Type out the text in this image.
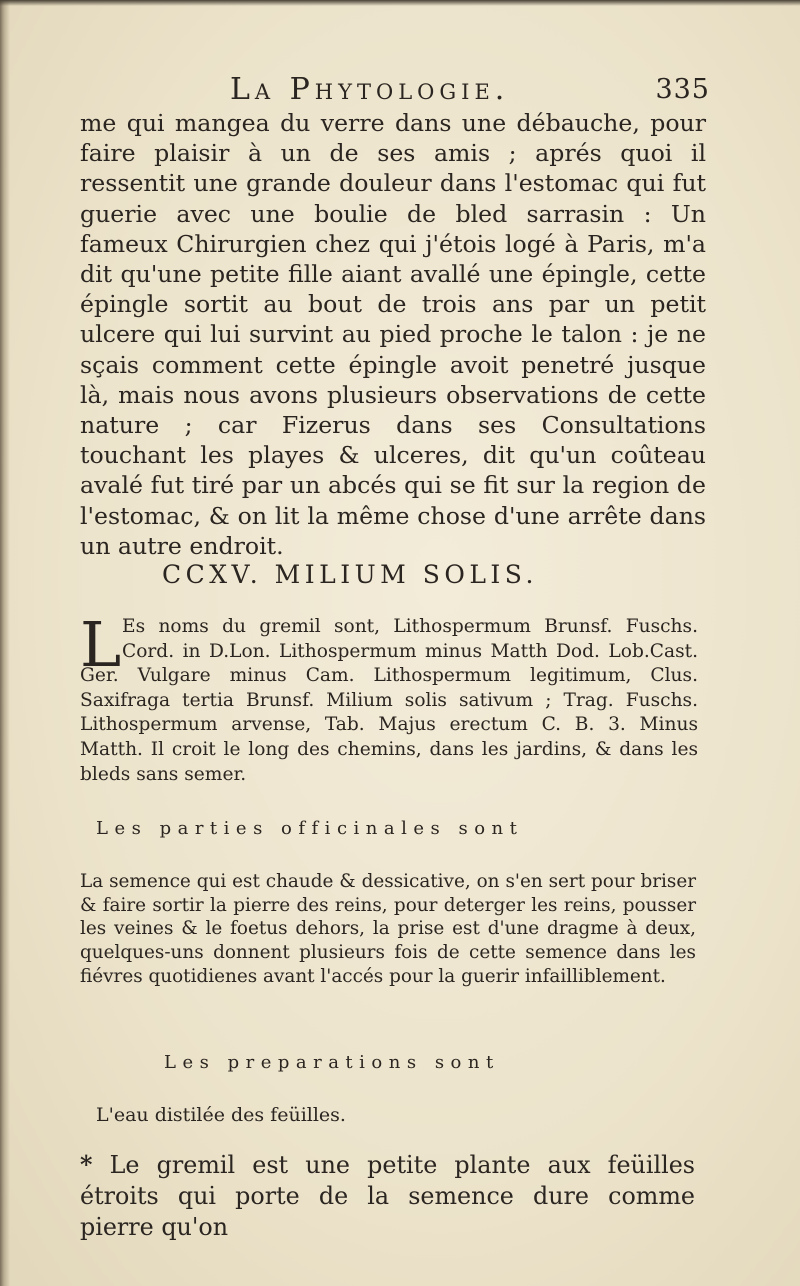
La Phytologie.	335

me qui mangea du verre dans une débauche, pour faire plaisir à un de ses amis ; aprés quoi il ressentit une grande douleur dans l'estomac qui fut guerie avec une boulie de bled sarrasin : Un fameux Chirurgien chez qui j'étois logé à Paris, m'a dit qu'une petite fille aiant avallé une épingle, cette épingle sortit au bout de trois ans par un petit ulcere qui lui survint au pied proche le talon : je ne sçais comment cette épingle avoit penetré jusque là, mais nous avons plusieurs observations de cette nature ; car Fizerus dans ses Consultations touchant les playes & ulceres, dit qu'un coûteau avalé fut tiré par un abcés qui se fit sur la region de l'estomac, & on lit la même chose d'une arrête dans un autre endroit.

CCXV. MILIUM SOLIS.
L Es noms du gremil sont, Lithospermum Brunsf. Fuschs. Cord. in D.Lon. Lithospermum minus Matth Dod. Lob.Cast. Ger. Vulgare minus Cam. Lithospermum legitimum, Clus. Saxifraga tertia Brunsf. Milium solis sativum ; Trag. Fuschs. Lithospermum arvense, Tab. Majus erectum C. B. 3. Minus Matth. Il croit le long des chemins, dans les jardins, & dans les bleds sans semer.

Les parties officinales sont

La semence qui est chaude & dessicative, on s'en sert pour briser & faire sortir la pierre des reins, pour deterger les reins, pousser les veines & le foetus dehors, la prise est d'une dragme à deux, quelques-uns donnent plusieurs fois de cette semence dans les fiévres quotidienes avant l'accés pour la guerir infailliblement.

Les preparations sont

L'eau distilée des feüilles.

* Le gremil est une petite plante aux feüilles étroits qui porte de la semence dure comme pierre qu'on
